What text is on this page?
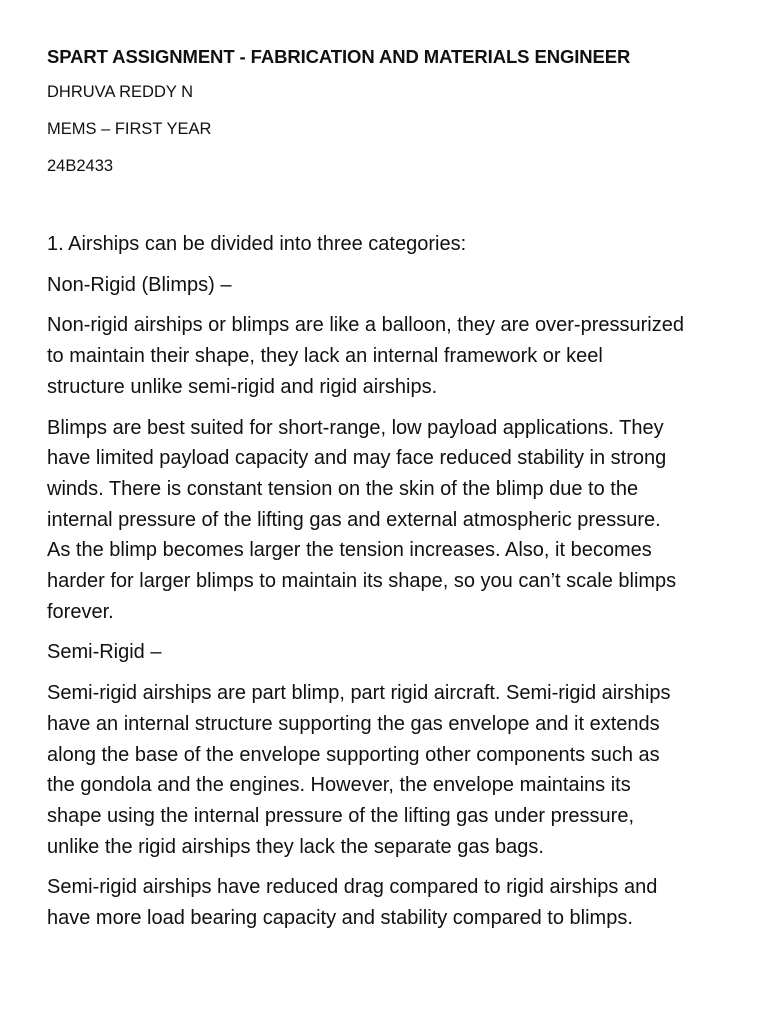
SPART ASSIGNMENT - FABRICATION AND MATERIALS ENGINEER
DHRUVA REDDY N
MEMS – FIRST YEAR
24B2433

1. Airships can be divided into three categories:

Non-Rigid (Blimps) –

Non-rigid airships or blimps are like a balloon, they are over-pressurized
to maintain their shape, they lack an internal framework or keel
structure unlike semi-rigid and rigid airships.

Blimps are best suited for short-range, low payload applications. They
have limited payload capacity and may face reduced stability in strong
winds. There is constant tension on the skin of the blimp due to the
internal pressure of the lifting gas and external atmospheric pressure.
As the blimp becomes larger the tension increases. Also, it becomes
harder for larger blimps to maintain its shape, so you can’t scale blimps
forever.

Semi-Rigid –

Semi-rigid airships are part blimp, part rigid aircraft. Semi-rigid airships
have an internal structure supporting the gas envelope and it extends
along the base of the envelope supporting other components such as
the gondola and the engines. However, the envelope maintains its
shape using the internal pressure of the lifting gas under pressure,
unlike the rigid airships they lack the separate gas bags.

Semi-rigid airships have reduced drag compared to rigid airships and
have more load bearing capacity and stability compared to blimps.
